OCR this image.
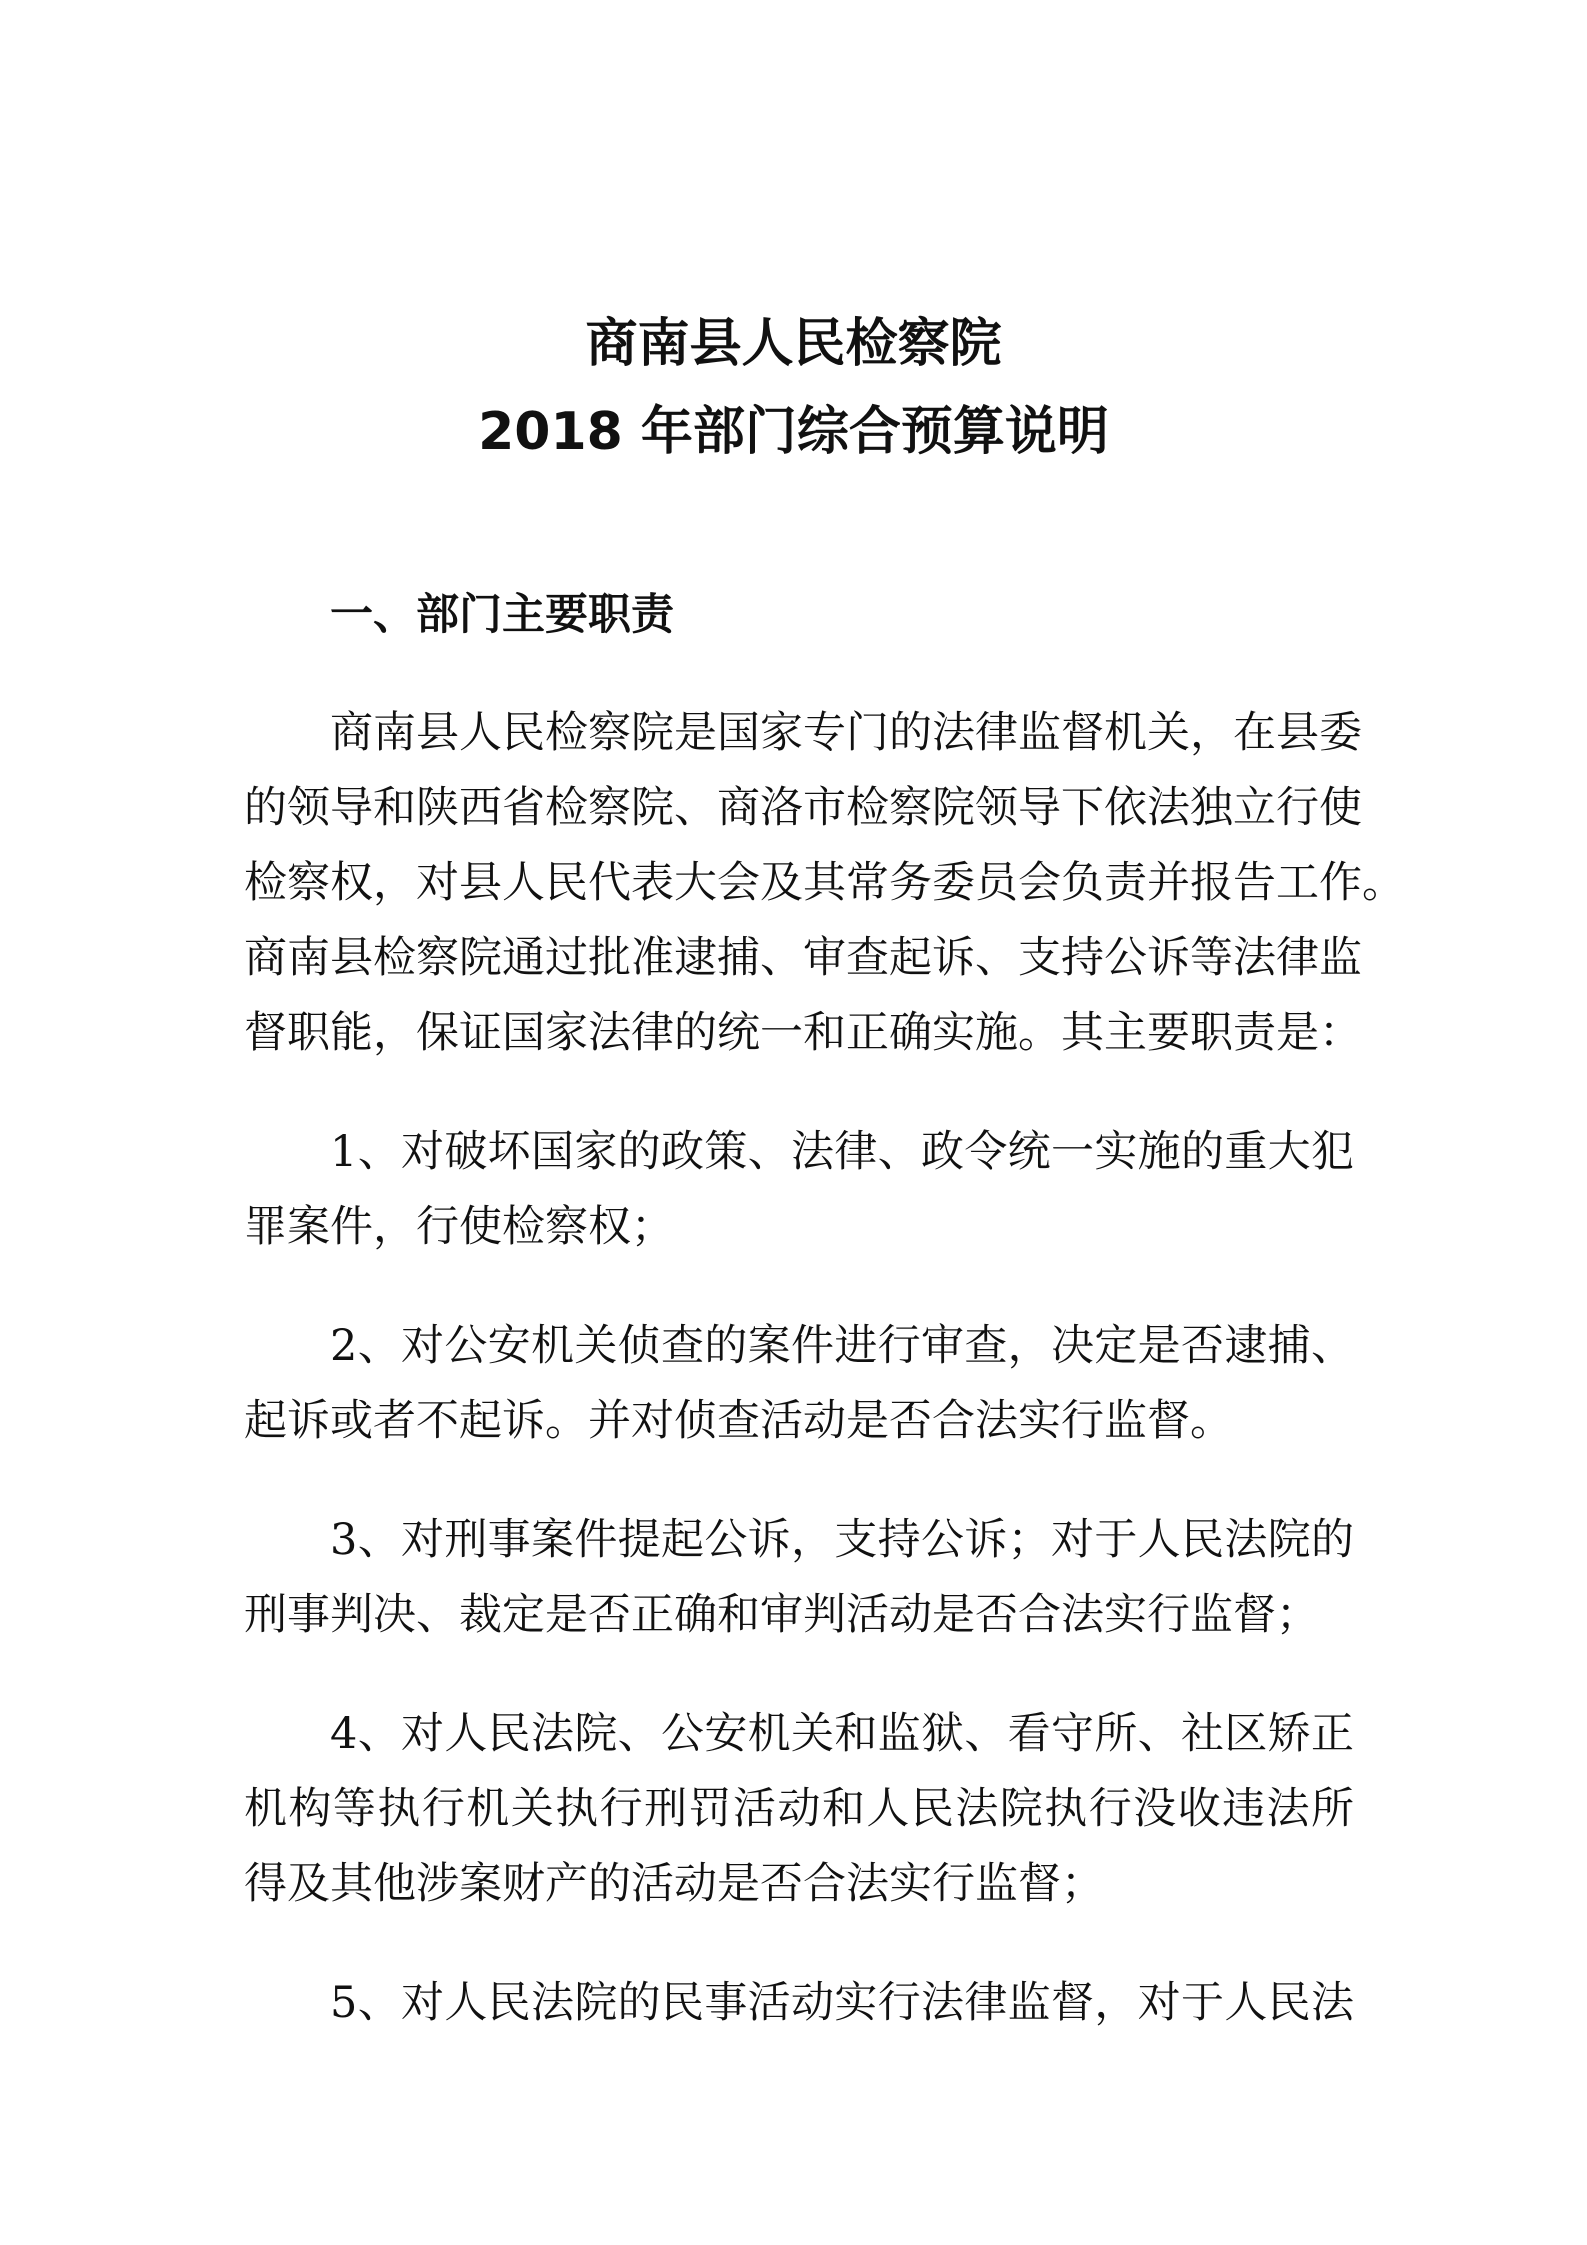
商南县人民检察院
2018 年部门综合预算说明
一、部门主要职责
商南县人民检察院是国家专门的法律监督机关，在县委
的领导和陕西省检察院、商洛市检察院领导下依法独立行使
检察权，对县人民代表大会及其常务委员会负责并报告工作。
商南县检察院通过批准逮捕、审查起诉、支持公诉等法律监
督职能，保证国家法律的统一和正确实施。其主要职责是：
1、对破坏国家的政策、法律、政令统一实施的重大犯
罪案件，行使检察权；
2、对公安机关侦查的案件进行审查，决定是否逮捕、
起诉或者不起诉。并对侦查活动是否合法实行监督。
3、对刑事案件提起公诉，支持公诉；对于人民法院的
刑事判决、裁定是否正确和审判活动是否合法实行监督；
4、对人民法院、公安机关和监狱、看守所、社区矫正
机构等执行机关执行刑罚活动和人民法院执行没收违法所
得及其他涉案财产的活动是否合法实行监督；
5、对人民法院的民事活动实行法律监督，对于人民法
